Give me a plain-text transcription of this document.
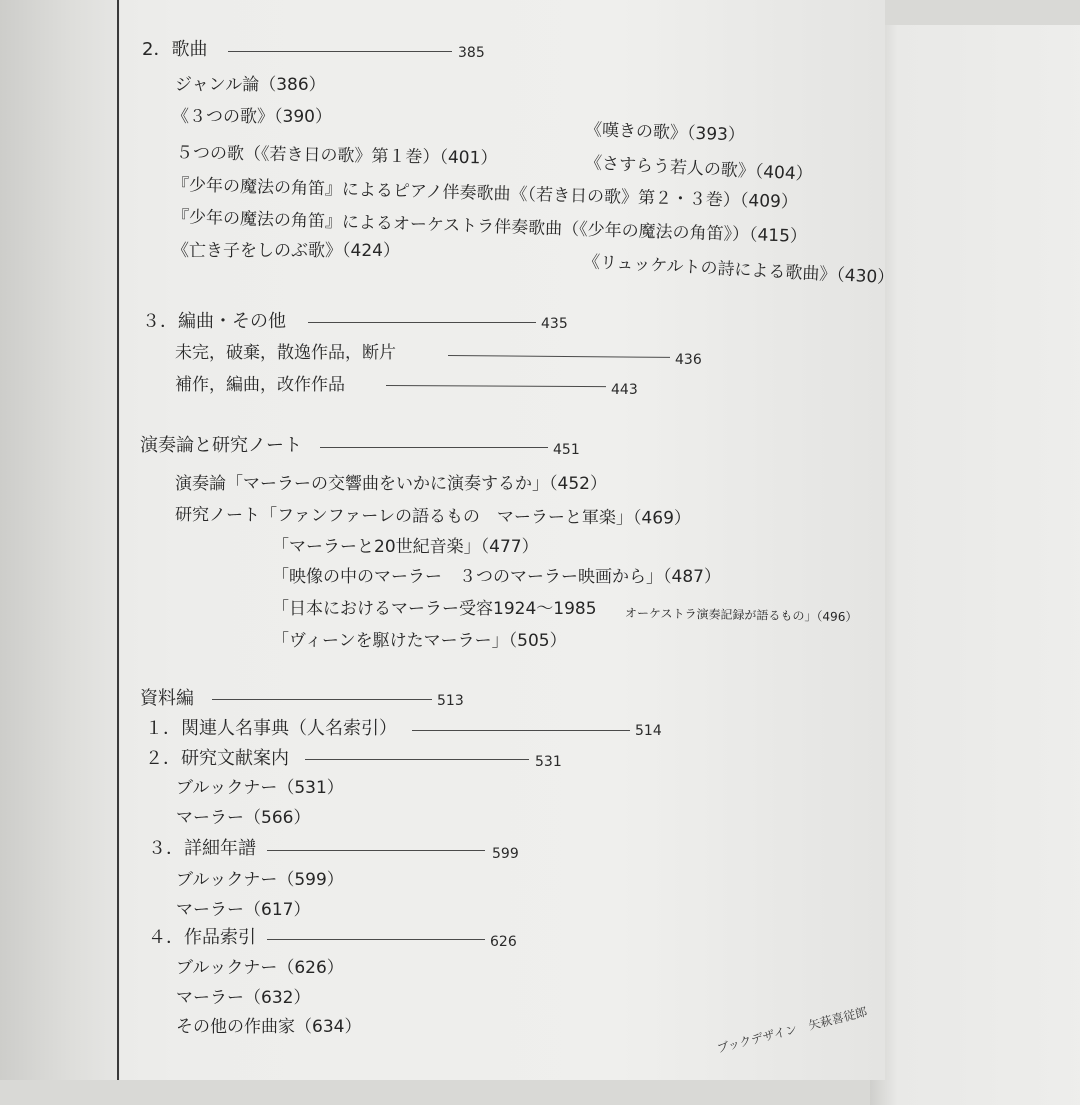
2．歌曲	385
ジャンル論（386）
《３つの歌》（390）
５つの歌（《若き日の歌》第１巻）（401）
『少年の魔法の角笛』によるピアノ伴奏歌曲《（若き日の歌》第２・３巻）（409）
『少年の魔法の角笛』によるオーケストラ伴奏歌曲（《少年の魔法の角笛》）（415）
《亡き子をしのぶ歌》（424）
《嘆きの歌》（393）
《さすらう若人の歌》（404）
《リュッケルトの詩による歌曲》（430）
３．編曲・その他	435
未完，破棄，散逸作品，断片	436
補作，編曲，改作作品	443
演奏論と研究ノート	451
演奏論「マーラーの交響曲をいかに演奏するか」（452）
研究ノート「ファンファーレの語るもの　マーラーと軍楽」（469）
「マーラーと20世紀音楽」（477）
「映像の中のマーラー　３つのマーラー映画から」（487）
「日本におけるマーラー受容1924～1985　 オーケストラ演奏記録が語るもの」（496）
「ヴィーンを駆けたマーラー」（505）
資料編	513
１．関連人名事典（人名索引）	514
２．研究文献案内	531
ブルックナー（531）
マーラー（566）
３．詳細年譜	599
ブルックナー（599）
マーラー（617）
４．作品索引	626
ブルックナー（626）
マーラー（632）
その他の作曲家（634）	ブックデザイン　矢萩喜従郎
